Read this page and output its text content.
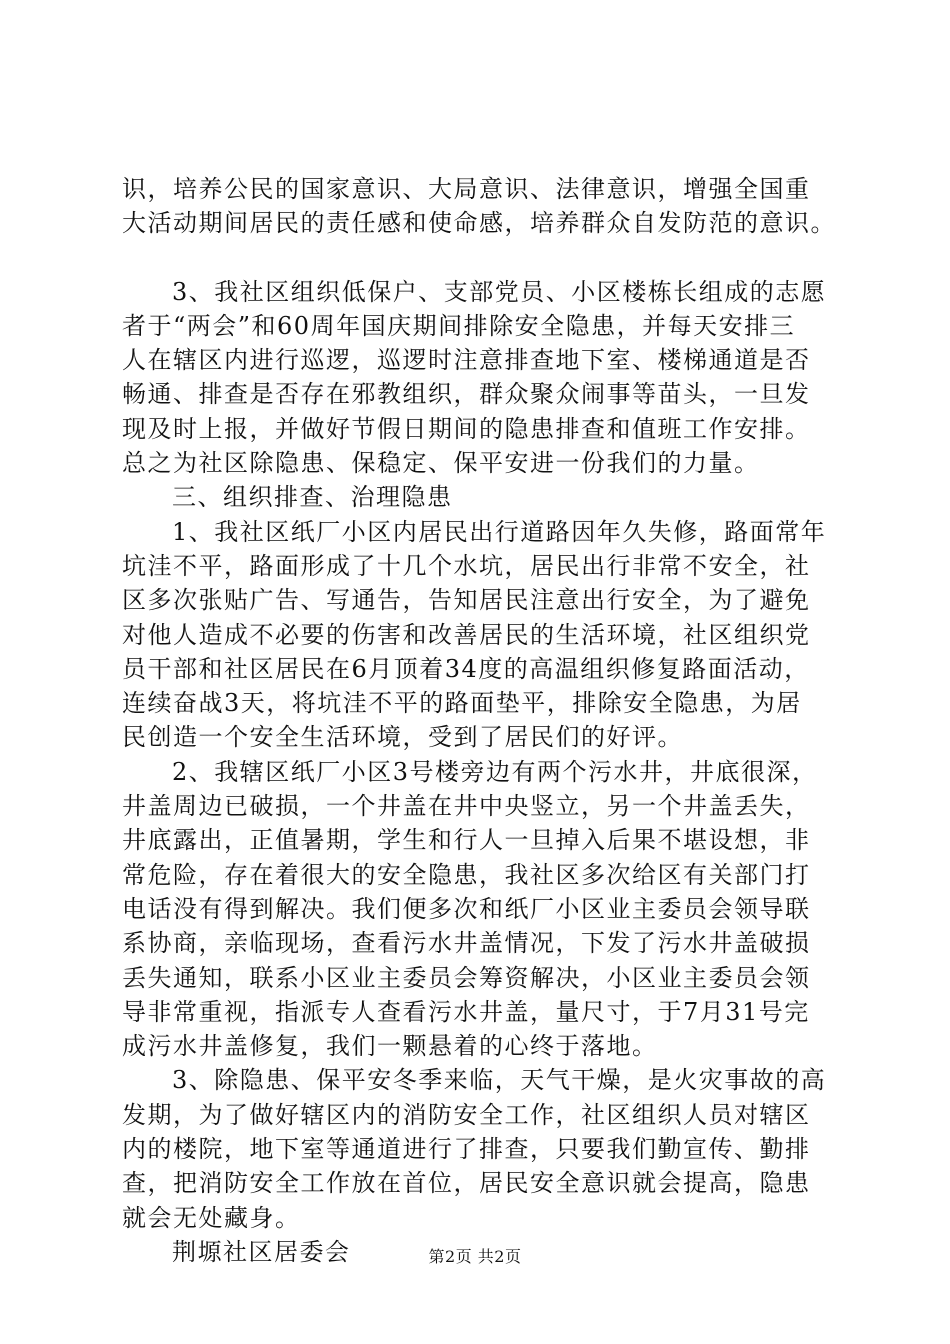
识，培养公民的国家意识、大局意识、法律意识，增强全国重
大活动期间居民的责任感和使命感，培养群众自发防范的意识。
3、我社区组织低保户、支部党员、小区楼栋长组成的志愿
者于“两会”和60周年国庆期间排除安全隐患，并每天安排三
人在辖区内进行巡逻，巡逻时注意排查地下室、楼梯通道是否
畅通、排查是否存在邪教组织，群众聚众闹事等苗头，一旦发
现及时上报，并做好节假日期间的隐患排查和值班工作安排。
总之为社区除隐患、保稳定、保平安进一份我们的力量。
三、组织排查、治理隐患
1、我社区纸厂小区内居民出行道路因年久失修，路面常年
坑洼不平，路面形成了十几个水坑，居民出行非常不安全，社
区多次张贴广告、写通告，告知居民注意出行安全，为了避免
对他人造成不必要的伤害和改善居民的生活环境，社区组织党
员干部和社区居民在6月顶着34度的高温组织修复路面活动，
连续奋战3天，将坑洼不平的路面垫平，排除安全隐患，为居
民创造一个安全生活环境，受到了居民们的好评。
2、我辖区纸厂小区3号楼旁边有两个污水井，井底很深，
井盖周边已破损，一个井盖在井中央竖立，另一个井盖丢失，
井底露出，正值暑期，学生和行人一旦掉入后果不堪设想，非
常危险，存在着很大的安全隐患，我社区多次给区有关部门打
电话没有得到解决。我们便多次和纸厂小区业主委员会领导联
系协商，亲临现场，查看污水井盖情况，下发了污水井盖破损
丢失通知，联系小区业主委员会筹资解决，小区业主委员会领
导非常重视，指派专人查看污水井盖，量尺寸，于7月31号完
成污水井盖修复，我们一颗悬着的心终于落地。
3、除隐患、保平安冬季来临，天气干燥，是火灾事故的高
发期，为了做好辖区内的消防安全工作，社区组织人员对辖区
内的楼院，地下室等通道进行了排查，只要我们勤宣传、勤排
查，把消防安全工作放在首位，居民安全意识就会提高，隐患
就会无处藏身。
荆塬社区居委会	第2页 共2页
